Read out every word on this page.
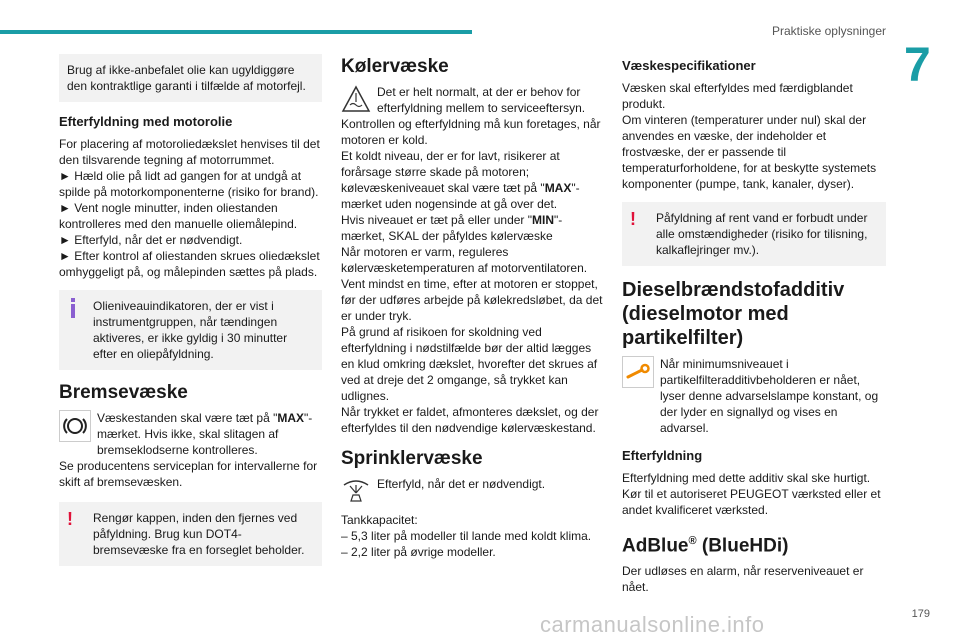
Praktiske oplysninger
7

Brug af ikke-anbefalet olie kan ugyldiggøre den kontraktlige garanti i tilfælde af motorfejl.

Efterfyldning med motorolie

For placering af motoroliedækslet henvises til det den tilsvarende tegning af motorrummet.

► Hæld olie på lidt ad gangen for at undgå at spilde på motorkomponenterne (risiko for brand).

► Vent nogle minutter, inden oliestanden kontrolleres med den manuelle oliemålepind.

► Efterfyld, når det er nødvendigt.

► Efter kontrol af oliestanden skrues oliedækslet omhyggeligt på, og målepinden sættes på plads.

Olieniveauindikatoren, der er vist i instrumentgruppen, når tændingen aktiveres, er ikke gyldig i 30 minutter efter en oliepåfyldning.

Bremsevæske

Væskestanden skal være tæt på "MAX"-mærket. Hvis ikke, skal slitagen af bremseklodserne kontrolleres.

Se producentens serviceplan for intervallerne for skift af bremsevæsken.

!	Rengør kappen, inden den fjernes ved påfyldning. Brug kun DOT4-bremsevæske fra en forseglet beholder.

Kølervæske

Det er helt normalt, at der er behov for efterfyldning mellem to serviceeftersyn.

Kontrollen og efterfyldning må kun foretages, når motoren er kold.

Et koldt niveau, der er for lavt, risikerer at forårsage større skade på motoren; kølevæskeniveauet skal være tæt på "MAX"-mærket uden nogensinde at gå over det.

Hvis niveauet er tæt på eller under "MIN"-mærket, SKAL der påfyldes kølervæske

Når motoren er varm, reguleres kølervæsketemperaturen af motorventilatoren. Vent mindst en time, efter at motoren er stoppet, før der udføres arbejde på kølekredsløbet, da det er under tryk.

På grund af risikoen for skoldning ved efterfyldning i nødstilfælde bør der altid lægges en klud omkring dækslet, hvorefter det skrues af ved at dreje det 2 omgange, så trykket kan udlignes.

Når trykket er faldet, afmonteres dækslet, og der efterfyldes til den nødvendige kølervæskestand.

Sprinklervæske

Efterfyld, når det er nødvendigt.

Tankkapacitet:

– 5,3 liter på modeller til lande med koldt klima.

– 2,2 liter på øvrige modeller.

Væskespecifikationer

Væsken skal efterfyldes med færdigblandet produkt.

Om vinteren (temperaturer under nul) skal der anvendes en væske, der indeholder et frostvæske, der er passende til temperaturforholdene, for at beskytte systemets komponenter (pumpe, tank, kanaler, dyser).

!	Påfyldning af rent vand er forbudt under alle omstændigheder (risiko for tilisning, kalkaflejringer mv.).

Dieselbrændstofadditiv (dieselmotor med partikelfilter)

Når minimumsniveauet i partikelfilteradditivbeholderen er nået, lyser denne advarselslampe konstant, og der lyder en signallyd og vises en advarsel.

Efterfyldning

Efterfyldning med dette additiv skal ske hurtigt. Kør til et autoriseret PEUGEOT værksted eller et andet kvalificeret værksted.

AdBlue® (BlueHDi)

Der udløses en alarm, når reserveniveauet er nået.

179
carmanualsonline.info
